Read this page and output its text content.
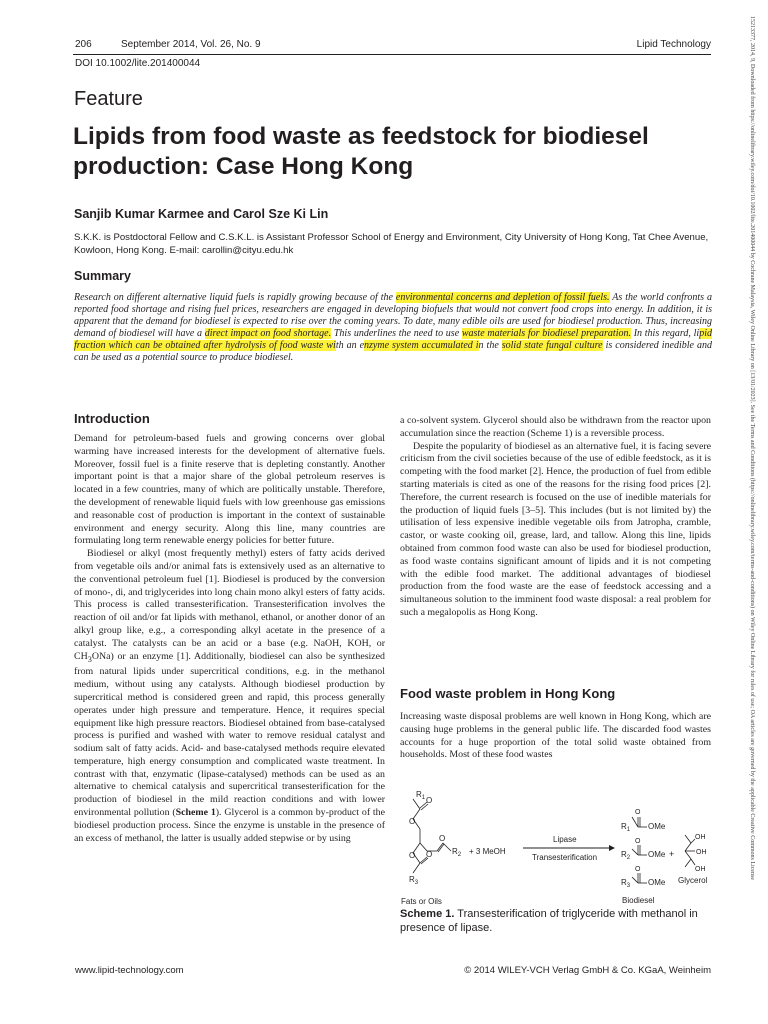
206	September 2014, Vol. 26, No. 9	Lipid Technology
DOI 10.1002/lite.201400044
Feature
Lipids from food waste as feedstock for biodiesel production: Case Hong Kong
Sanjib Kumar Karmee and Carol Sze Ki Lin
S.K.K. is Postdoctoral Fellow and C.S.K.L. is Assistant Professor School of Energy and Environment, City University of Hong Kong, Tat Chee Avenue, Kowloon, Hong Kong. E-mail: carollin@cityu.edu.hk
Summary

Research on different alternative liquid fuels is rapidly growing because of the environmental concerns and depletion of fossil fuels. As the world confronts a reported food shortage and rising fuel prices, researchers are engaged in developing biofuels that would not convert food crops into energy. In addition, it is apparent that the demand for biodiesel is expected to rise over the coming years. To date, many edible oils are used for biodiesel production. Thus, increasing demand of biodiesel will have a direct impact on food shortage. This underlines the need to use waste materials for biodiesel preparation. In this regard, lipid fraction which can be obtained after hydrolysis of food waste with an enzyme system accumulated in the solid state fungal culture is considered inedible and can be used as a potential source to produce biodiesel.

Introduction

Demand for petroleum-based fuels and growing concerns over global warming have increased interests for the development of alternative fuels. Moreover, fossil fuel is a finite reserve that is depleting constantly. Another important point is that a major share of the global petroleum reserves is located in a few countries, many of which are politically unstable. Therefore, the development of renewable liquid fuels with low greenhouse gas emissions and reasonable cost of production is important in the context of sustainable environment and energy security. Along this line, many countries are formulating long term renewable energy policies for better future.

Biodiesel or alkyl (most frequently methyl) esters of fatty acids derived from vegetable oils and/or animal fats is extensively used as an alternative to the conventional petroleum fuel [1]. Biodiesel is produced by the conversion of mono-, di, and triglycerides into long chain mono alkyl esters of fatty acids. This process is called transesterification. Transesterification involves the reaction of oil and/or fat lipids with methanol, ethanol, or another donor of an alkyl group like, e.g., a corresponding alkyl acetate in the presence of a catalyst. The catalysts can be an acid or a base (e.g. NaOH, KOH, or $CH_3ONa$) or an enzyme [1]. Additionally, biodiesel can also be synthesized from natural lipids under supercritical conditions, e.g. in the methanol medium, without using any catalysts. Although biodiesel production by supercritical method is considered green and rapid, this process generally operates under high pressure and temperature. Hence, it requires special equipment like high pressure reactors. Biodiesel obtained from base-catalysed process is purified and washed with water to remove residual catalyst and sodium salt of fatty acids. Acid- and base-catalysed methods require elevated temperature, high energy consumption and complicated waste treatment. In contrast with that, enzymatic (lipase-catalysed) methods can be used as an alternative to chemical catalysis and supercritical transesterification for the production of biodiesel in the mild reaction conditions and with lower environmental pollution (Scheme 1). Glycerol is a common by-product of the biodiesel production process. Since the enzyme is unstable in the presence of an excess of methanol, the latter is usually added stepwise or by using

a co-solvent system. Glycerol should also be withdrawn from the reactor upon accumulation since the reaction (Scheme 1) is a reversible process.

Despite the popularity of biodiesel as an alternative fuel, it is facing severe criticism from the civil societies because of the use of edible feedstock, as it is competing with the food market [2]. Hence, the production of fuel from edible starting materials is cited as one of the reasons for the rising food prices [2]. Therefore, the current research is focused on the use of inedible materials for the production of liquid fuels [3–5]. This includes (but is not limited by) the utilisation of less expensive inedible vegetable oils from Jatropha, cramble, castor, or waste cooking oil, grease, lard, and tallow. Along this line, lipids obtained from common food waste can also be used for biodiesel production, as food waste contains significant amount of lipids and it is not competing with the edible food market. The additional advantages of biodiesel production from the food waste are the ease of feedstock accessing and a simultaneous solution to the imminent food waste disposal: a real problem for such a megalopolis as Hong Kong.

Food waste problem in Hong Kong

Increasing waste disposal problems are well known in Hong Kong, which are causing huge problems in the general public life. The discarded food wastes accounts for a huge proportion of the total solid waste obtained from households. Most of these food wastes

$R_1$ O
O
O
O O $R_2$
$R_3$
+ 3 MeOH
Lipase
Transesterification
O
$R_1$ OMe
O
$R_2$ OMe
O
$R_3$ OMe
+
OH
OH
OH
Fats or Oils	Biodiesel
Glycerol
Scheme 1. Transesterification of triglyceride with methanol in presence of lipase.
15213377, 2014, 9, Downloaded from https://onlinelibrary.wiley.com/doi/10.1002/lite.201400044 by Cochrane Malaysia, Wiley Online Library on [13/01/2023]. See the Terms and Conditions (https://onlinelibrary.wiley.com/terms-and-conditions) on Wiley Online Library for rules of use; OA articles are governed by the applicable Creative Commons License
www.lipid-technology.com	© 2014 WILEY-VCH Verlag GmbH & Co. KGaA, Weinheim
